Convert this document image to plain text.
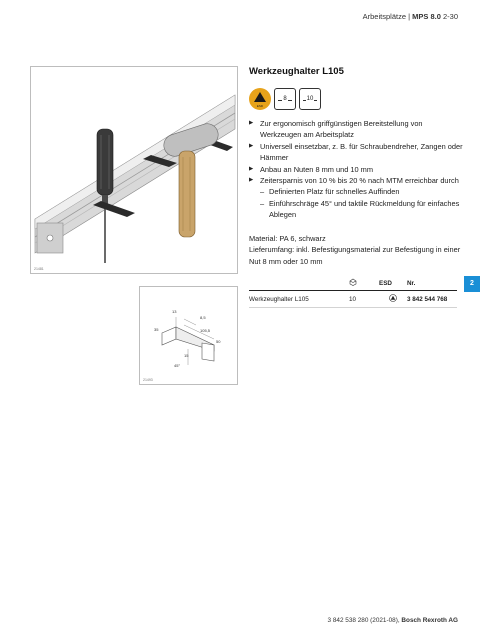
Arbeitsplätze | MPS 8.0 2-30
21481
13
35
8,5
105,5
50
15
45°
21493
Werkzeughalter L105
ESD
8	10
▶ Zur ergonomisch griffgünstigen Bereitstellung von Werkzeugen am Arbeitsplatz
▶ Universell einsetzbar, z. B. für Schraubendreher, Zangen oder Hämmer
▶ Anbau an Nuten 8 mm und 10 mm
▶ Zeitersparnis von 10 % bis 20 % nach MTM erreichbar durch
– Definierten Platz für schnelles Auffinden
– Einführschräge 45° und taktile Rückmeldung für einfaches Ablegen
Material: PA 6, schwarz
Lieferumfang: inkl. Befestigungsmaterial zur Befestigung in einer Nut 8 mm oder 10 mm
		ESD	Nr.
Werkzeughalter L105	10		3 842 544 768
2
3 842 538 280 (2021-08), Bosch Rexroth AG
